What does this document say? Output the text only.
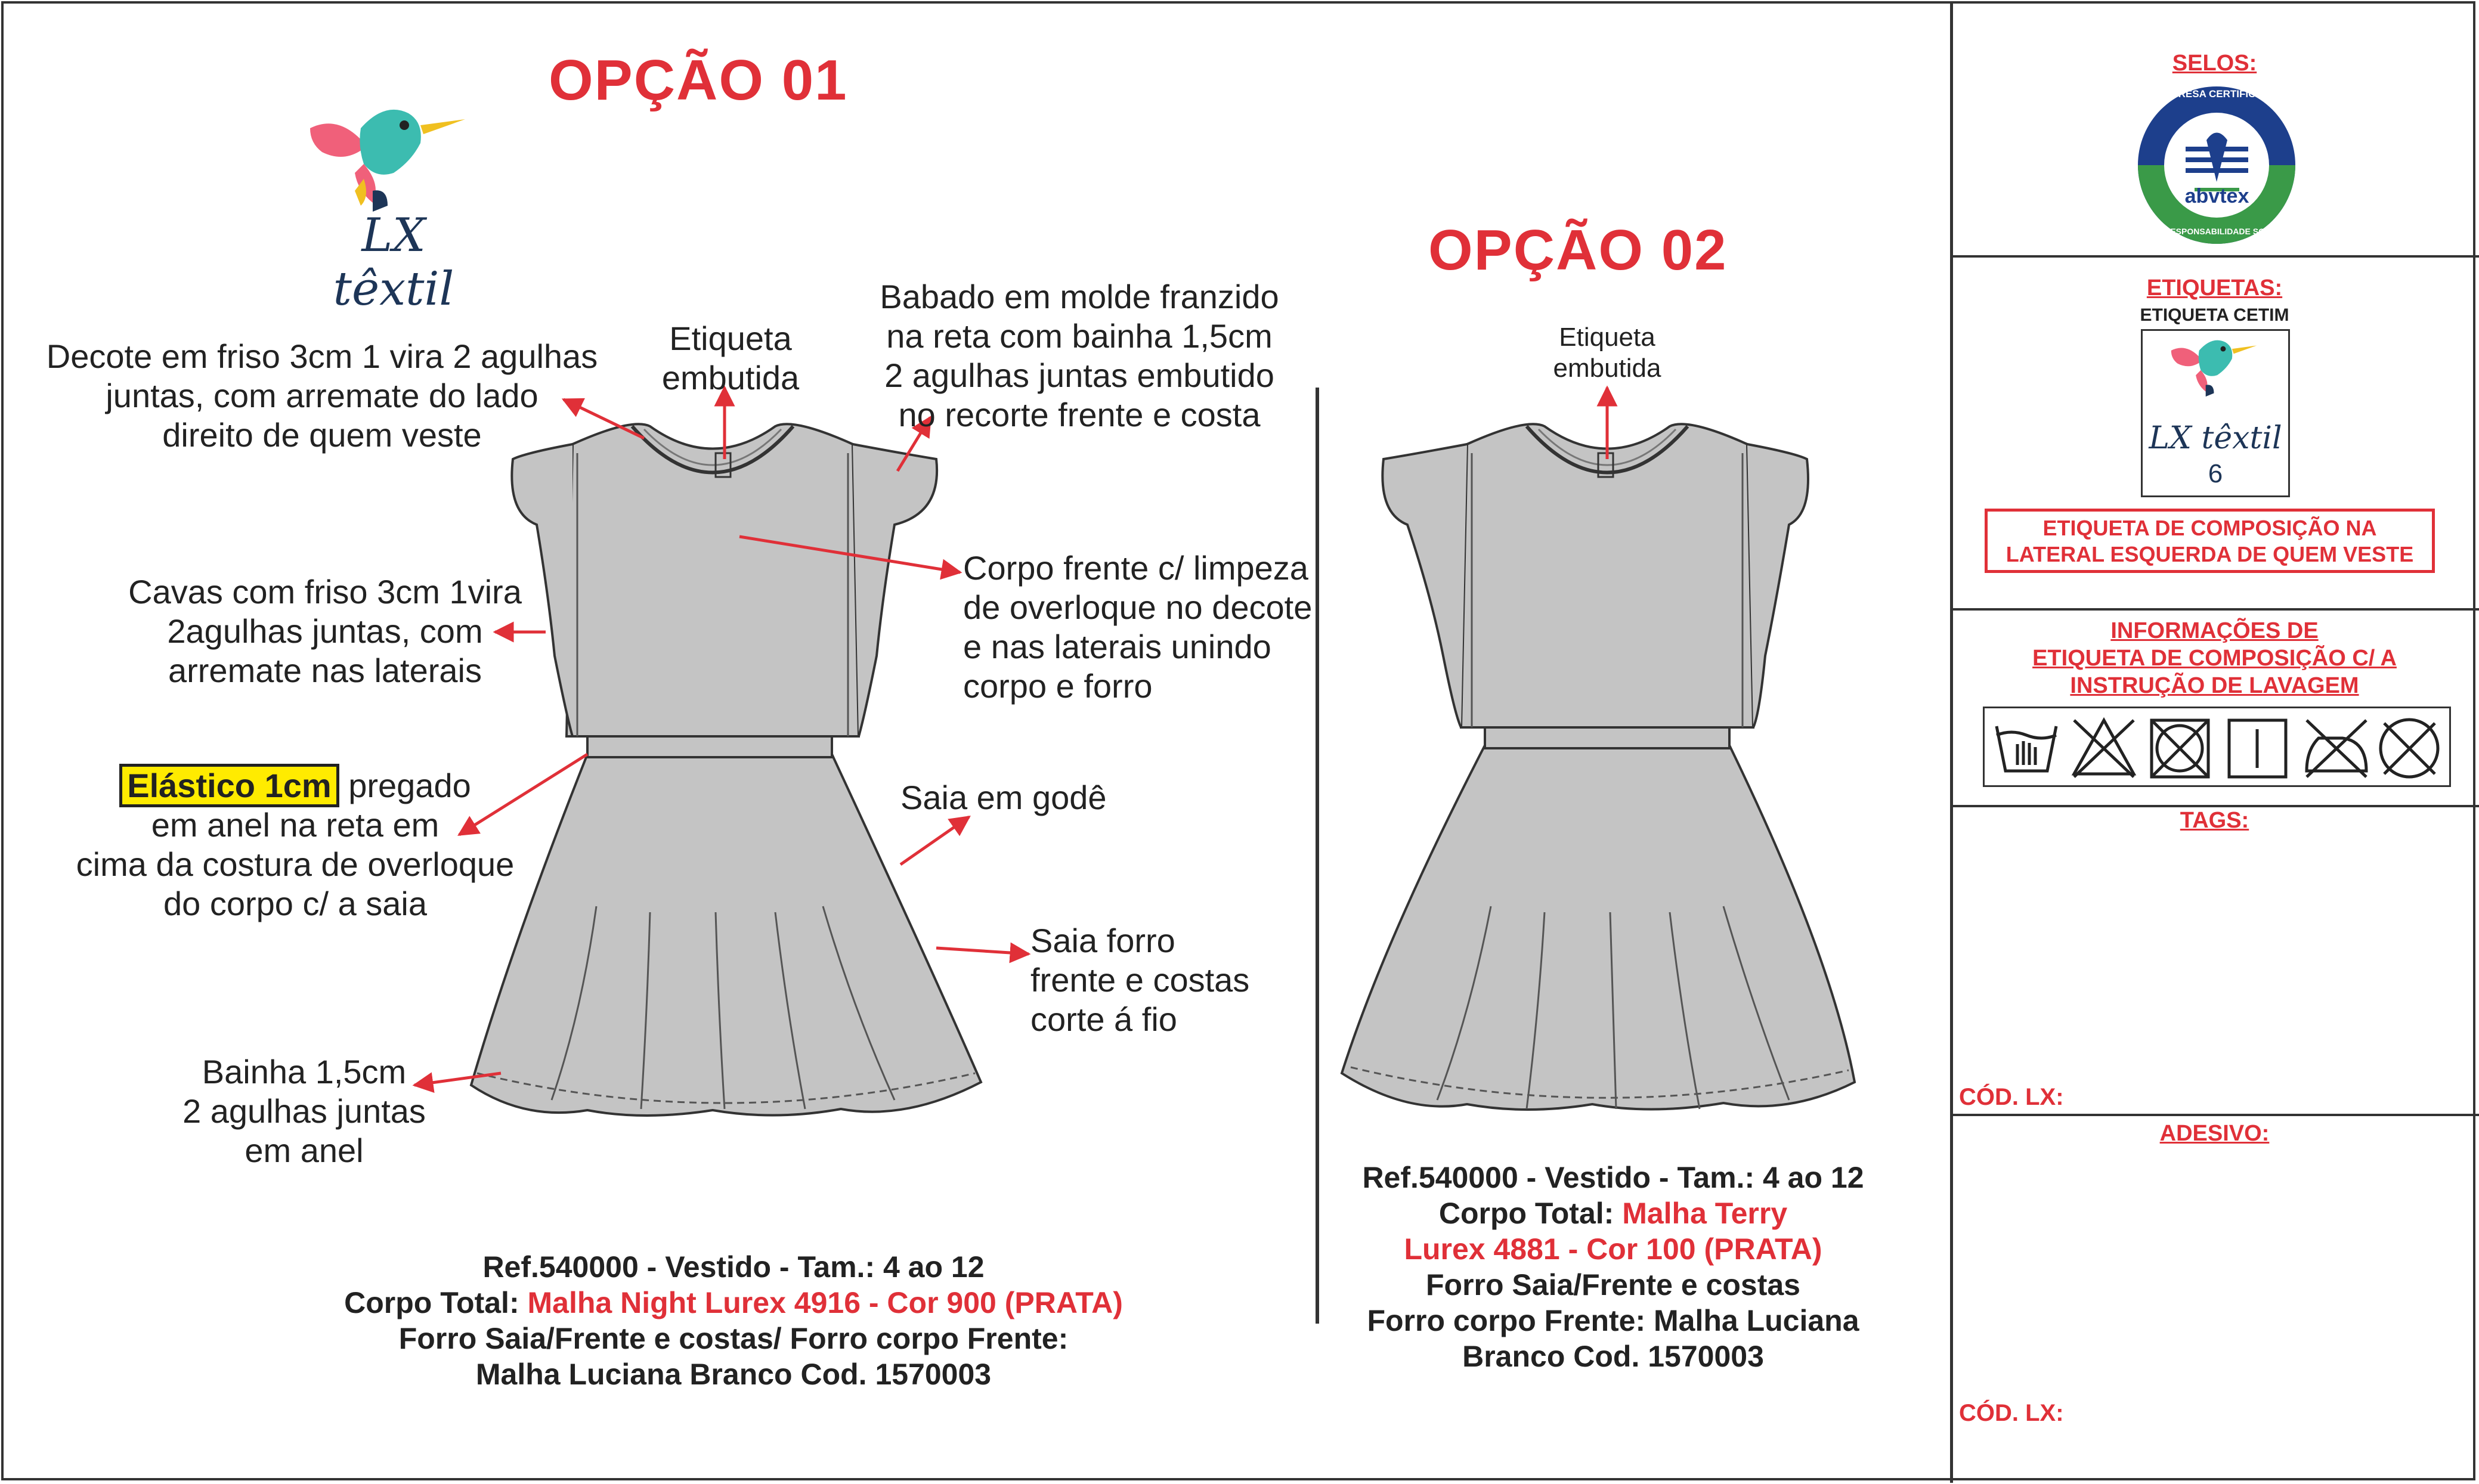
OPÇÃO 01
OPÇÃO 02
LX têxtil
Decote em friso 3cm 1 vira 2 agulhas
juntas, com arremate do lado
direito de quem veste
Etiqueta
embutida
Babado em molde franzido
na reta com bainha 1,5cm
2 agulhas juntas embutido
no recorte frente e costa
Cavas com friso 3cm 1vira
2agulhas juntas, com
arremate nas laterais
Corpo frente c/ limpeza
de overloque no decote
e nas laterais unindo
corpo e forro
Elástico 1cm pregado
em anel na reta em
cima da costura de overloque
do corpo c/ a saia
Saia em godê
Saia forro
frente e costas
corte á fio
Bainha 1,5cm
2 agulhas juntas
em anel
Ref.540000 - Vestido - Tam.: 4 ao 12
Corpo Total: Malha Night Lurex 4916 - Cor 900 (PRATA)
Forro Saia/Frente e costas/ Forro corpo Frente:
Malha Luciana Branco Cod. 1570003
Etiqueta
embutida
Ref.540000 - Vestido - Tam.: 4 ao 12
Corpo Total: Malha Terry
Lurex 4881 - Cor 100 (PRATA)
Forro Saia/Frente e costas
Forro corpo Frente: Malha Luciana
Branco Cod. 1570003
SELOS:
abvtex
EMPRESA CERTIFICADA
EM RESPONSABILIDADE SOCIAL
ETIQUETAS:
ETIQUETA CETIM
LX têxtil
6
ETIQUETA DE COMPOSIÇÃO NA
LATERAL ESQUERDA DE QUEM VESTE
INFORMAÇÕES DE
ETIQUETA DE COMPOSIÇÃO C/ A
INSTRUÇÃO DE LAVAGEM
TAGS:
CÓD. LX:
ADESIVO:
CÓD. LX:
